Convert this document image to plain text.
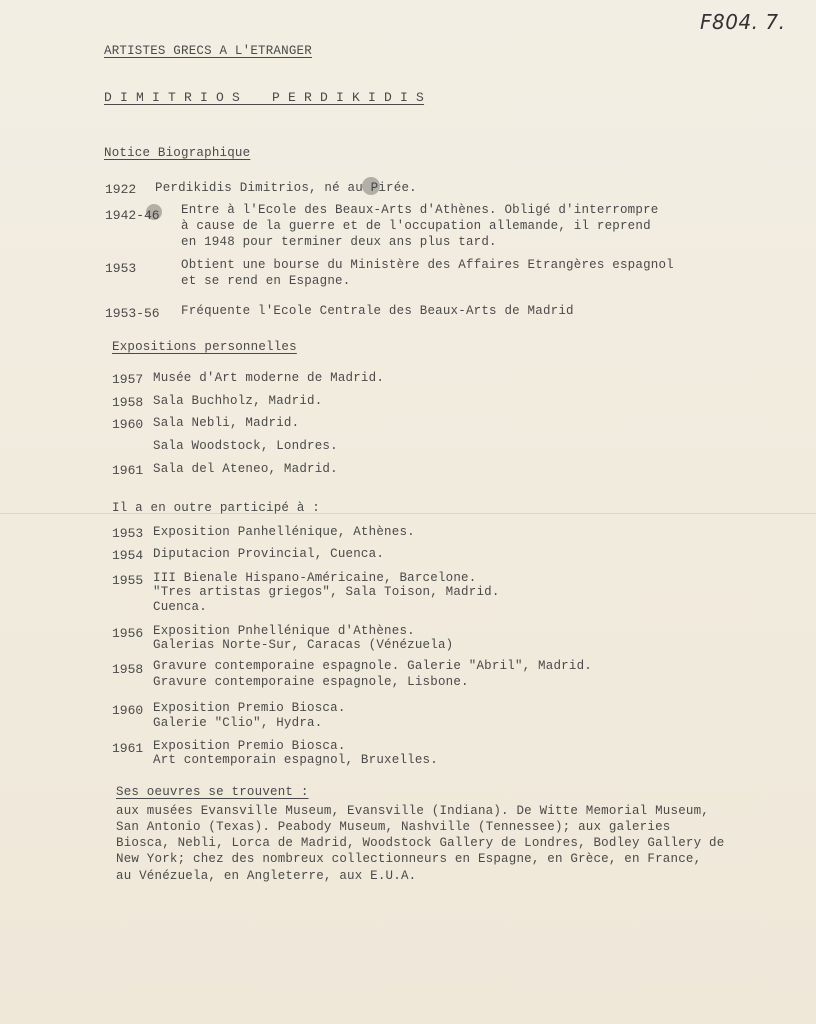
F804. 7.
ARTISTES GRECS A L'ETRANGER
D I M I T R I O S    P E R D I K I D I S
Notice Biographique
1922 Perdikidis Dimitrios, né au Pirée.
1942-46 Entre à l'Ecole des Beaux-Arts d'Athènes. Obligé d'interrompre
à cause de la guerre et de l'occupation allemande, il reprend
en 1948 pour terminer deux ans plus tard.
1953	Obtient une bourse du Ministère des Affaires Etrangères espagnol
et se rend en Espagne.
1953-56 Fréquente l'Ecole Centrale des Beaux-Arts de Madrid
Expositions personnelles
1957 Musée d'Art moderne de Madrid.
1958 Sala Buchholz, Madrid.
1960 Sala Nebli, Madrid.
Sala Woodstock, Londres.
1961 Sala del Ateneo, Madrid.
Il a en outre participé à :
1953 Exposition Panhellénique, Athènes.
1954 Diputacion Provincial, Cuenca.
1955 III Bienale Hispano-Américaine, Barcelone.
"Tres artistas griegos", Sala Toison, Madrid.
Cuenca.
1956 Exposition Pnhellénique d'Athènes.
Galerias Norte-Sur, Caracas (Vénézuela)
1958 Gravure contemporaine espagnole. Galerie "Abril", Madrid.
Gravure contemporaine espagnole, Lisbone.
1960 Exposition Premio Biosca.
Galerie "Clio", Hydra.
1961 Exposition Premio Biosca.
Art contemporain espagnol, Bruxelles.
Ses oeuvres se trouvent :
aux musées Evansville Museum, Evansville (Indiana). De Witte Memorial Museum,
San Antonio (Texas). Peabody Museum, Nashville (Tennessee); aux galeries
Biosca, Nebli, Lorca de Madrid, Woodstock Gallery de Londres, Bodley Gallery de
New York; chez des nombreux collectionneurs en Espagne, en Grèce, en France,
au Vénézuela, en Angleterre, aux E.U.A.
